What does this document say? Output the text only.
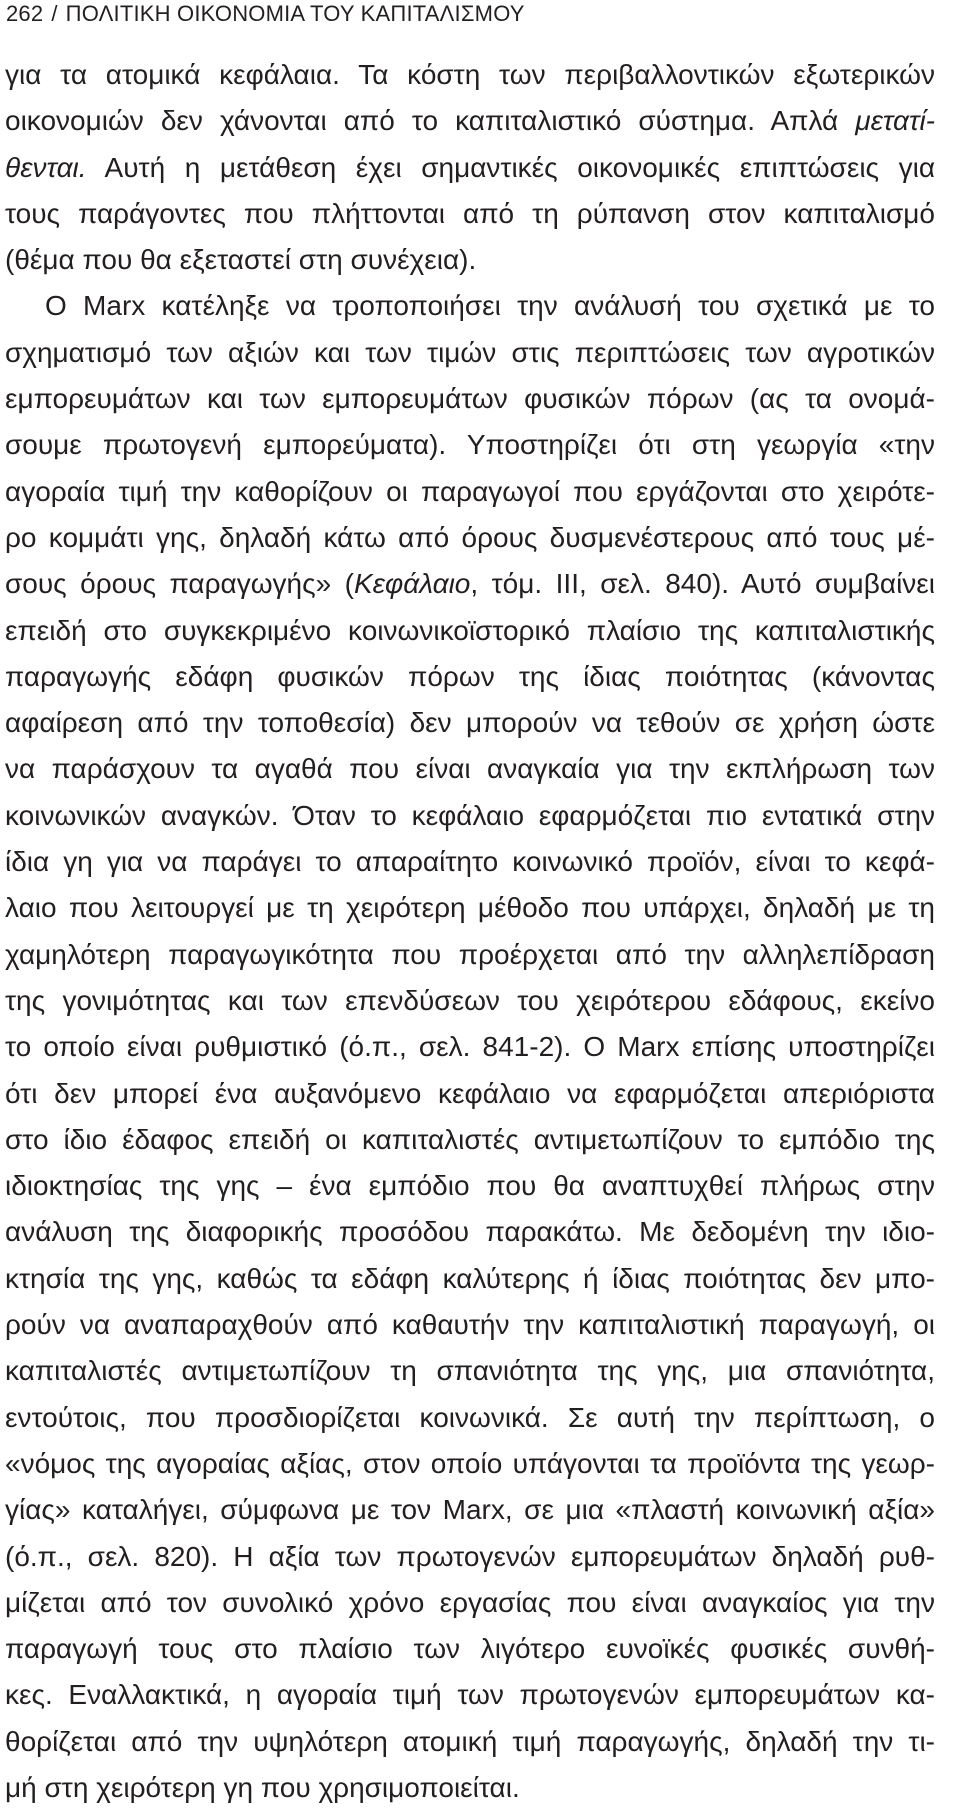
262 / ΠΟΛΙΤΙΚΗ ΟΙΚΟΝΟΜΙΑ ΤΟΥ ΚΑΠΙΤΑΛΙΣΜΟΥ
για τα ατομικά κεφάλαια. Τα κόστη των περιβαλλοντικών εξωτερικών
οικονομιών δεν χάνονται από το καπιταλιστικό σύστημα. Απλά μετατί-
θενται. Αυτή η μετάθεση έχει σημαντικές οικονομικές επιπτώσεις για
τους παράγοντες που πλήττονται από τη ρύπανση στον καπιταλισμό
(θέμα που θα εξεταστεί στη συνέχεια).
Ο Marx κατέληξε να τροποποιήσει την ανάλυσή του σχετικά με το
σχηματισμό των αξιών και των τιμών στις περιπτώσεις των αγροτικών
εμπορευμάτων και των εμπορευμάτων φυσικών πόρων (ας τα ονομά-
σουμε πρωτογενή εμπορεύματα). Υποστηρίζει ότι στη γεωργία «την
αγοραία τιμή την καθορίζουν οι παραγωγοί που εργάζονται στο χειρότε-
ρο κομμάτι γης, δηλαδή κάτω από όρους δυσμενέστερους από τους μέ-
σους όρους παραγωγής» (Κεφάλαιο, τόμ. III, σελ. 840). Αυτό συμβαίνει
επειδή στο συγκεκριμένο κοινωνικοϊστορικό πλαίσιο της καπιταλιστικής
παραγωγής εδάφη φυσικών πόρων της ίδιας ποιότητας (κάνοντας
αφαίρεση από την τοποθεσία) δεν μπορούν να τεθούν σε χρήση ώστε
να παράσχουν τα αγαθά που είναι αναγκαία για την εκπλήρωση των
κοινωνικών αναγκών. Όταν το κεφάλαιο εφαρμόζεται πιο εντατικά στην
ίδια γη για να παράγει το απαραίτητο κοινωνικό προϊόν, είναι το κεφά-
λαιο που λειτουργεί με τη χειρότερη μέθοδο που υπάρχει, δηλαδή με τη
χαμηλότερη παραγωγικότητα που προέρχεται από την αλληλεπίδραση
της γονιμότητας και των επενδύσεων του χειρότερου εδάφους, εκείνο
το οποίο είναι ρυθμιστικό (ό.π., σελ. 841-2). Ο Marx επίσης υποστηρίζει
ότι δεν μπορεί ένα αυξανόμενο κεφάλαιο να εφαρμόζεται απεριόριστα
στο ίδιο έδαφος επειδή οι καπιταλιστές αντιμετωπίζουν το εμπόδιο της
ιδιοκτησίας της γης – ένα εμπόδιο που θα αναπτυχθεί πλήρως στην
ανάλυση της διαφορικής προσόδου παρακάτω. Με δεδομένη την ιδιο-
κτησία της γης, καθώς τα εδάφη καλύτερης ή ίδιας ποιότητας δεν μπο-
ρούν να αναπαραχθούν από καθαυτήν την καπιταλιστική παραγωγή, οι
καπιταλιστές αντιμετωπίζουν τη σπανιότητα της γης, μια σπανιότητα,
εντούτοις, που προσδιορίζεται κοινωνικά. Σε αυτή την περίπτωση, ο
«νόμος της αγοραίας αξίας, στον οποίο υπάγονται τα προϊόντα της γεωρ-
γίας» καταλήγει, σύμφωνα με τον Marx, σε μια «πλαστή κοινωνική αξία»
(ό.π., σελ. 820). Η αξία των πρωτογενών εμπορευμάτων δηλαδή ρυθ-
μίζεται από τον συνολικό χρόνο εργασίας που είναι αναγκαίος για την
παραγωγή τους στο πλαίσιο των λιγότερο ευνοϊκές φυσικές συνθή-
κες. Εναλλακτικά, η αγοραία τιμή των πρωτογενών εμπορευμάτων κα-
θορίζεται από την υψηλότερη ατομική τιμή παραγωγής, δηλαδή την τι-
μή στη χειρότερη γη που χρησιμοποιείται.
